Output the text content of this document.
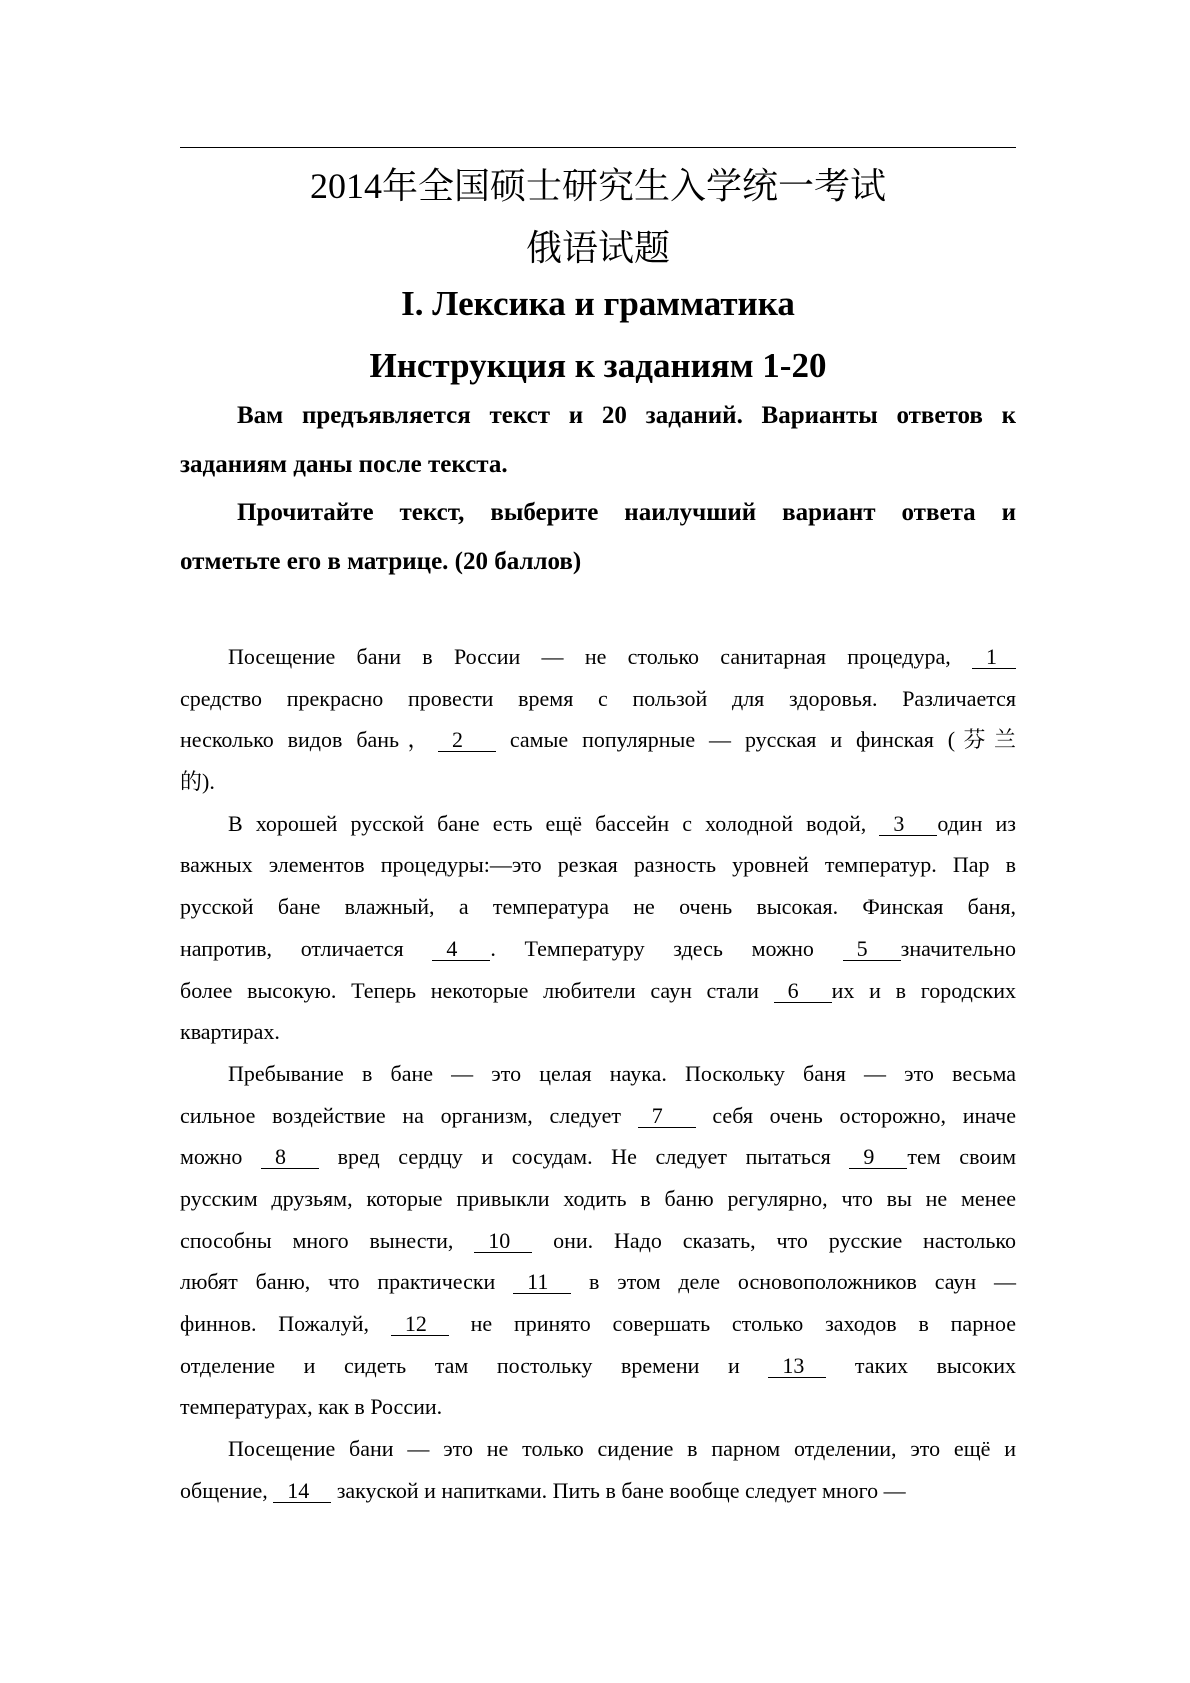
2014年全国硕士研究生入学统一考试
俄语试题
I. Лексика и грамматика
Инструкция к заданиям 1-20
Вам предъявляется текст и 20 заданий. Варианты ответов к
заданиям даны после текста.
Прочитайте текст, выберите наилучший вариант ответа и
отметьте его в матрице. (20 баллов)
Посещение бани в России — не столько санитарная процедура, 1
средство прекрасно провести время с пользой для здоровья. Различается
несколько видов бань， 2 самые популярные — русская и финская (芬兰
的).
В хорошей русской бане есть ещё бассейн с холодной водой, 3 один из
важных элементов процедуры:—это резкая разность уровней температур. Пар в
русской бане влажный, а температура не очень высокая. Финская баня,
напротив, отличается 4 . Температуру здесь можно 5 значительно
более высокую. Теперь некоторые любители саун стали 6 их и в городских
квартирах.
Пребывание в бане — это целая наука. Поскольку баня — это весьма
сильное воздействие на организм, следует 7 себя очень осторожно, иначе
можно 8 вред сердцу и сосудам. Не следует пытаться 9 тем своим
русским друзьям, которые привыкли ходить в баню регулярно, что вы не менее
способны много вынести, 10 они. Надо сказать, что русские настолько
любят баню, что практически 11 в этом деле основоположников саун —
финнов. Пожалуй, 12 не принято совершать столько заходов в парное
отделение и сидеть там постольку времени и 13 таких высоких
температурах, как в России.
Посещение бани — это не только сидение в парном отделении, это ещё и
общение, 14 закуской и напитками. Пить в бане вообще следует много —
